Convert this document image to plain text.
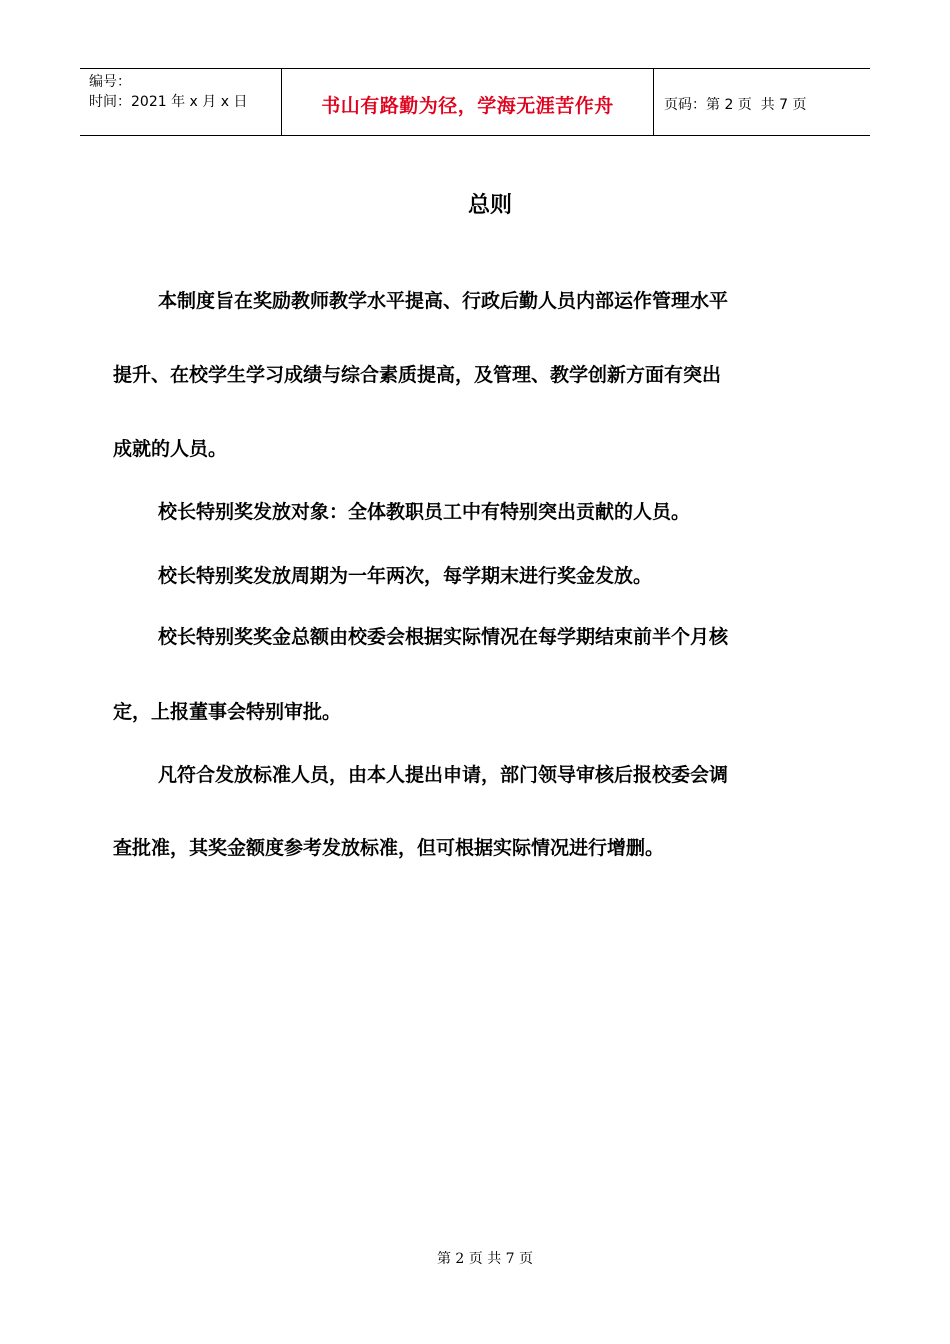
编号：
时间：2021 年 x 月 x 日	书山有路勤为径，学海无涯苦作舟	页码：第 2 页  共 7 页
总则
本制度旨在奖励教师教学水平提高、行政后勤人员内部运作管理水平
提升、在校学生学习成绩与综合素质提高，及管理、教学创新方面有突出
成就的人员。
校长特别奖发放对象：全体教职员工中有特别突出贡献的人员。
校长特别奖发放周期为一年两次，每学期末进行奖金发放。
校长特别奖奖金总额由校委会根据实际情况在每学期结束前半个月核
定，上报董事会特别审批。
凡符合发放标准人员，由本人提出申请，部门领导审核后报校委会调
查批准，其奖金额度参考发放标准，但可根据实际情况进行增删。
第 2 页 共 7 页
